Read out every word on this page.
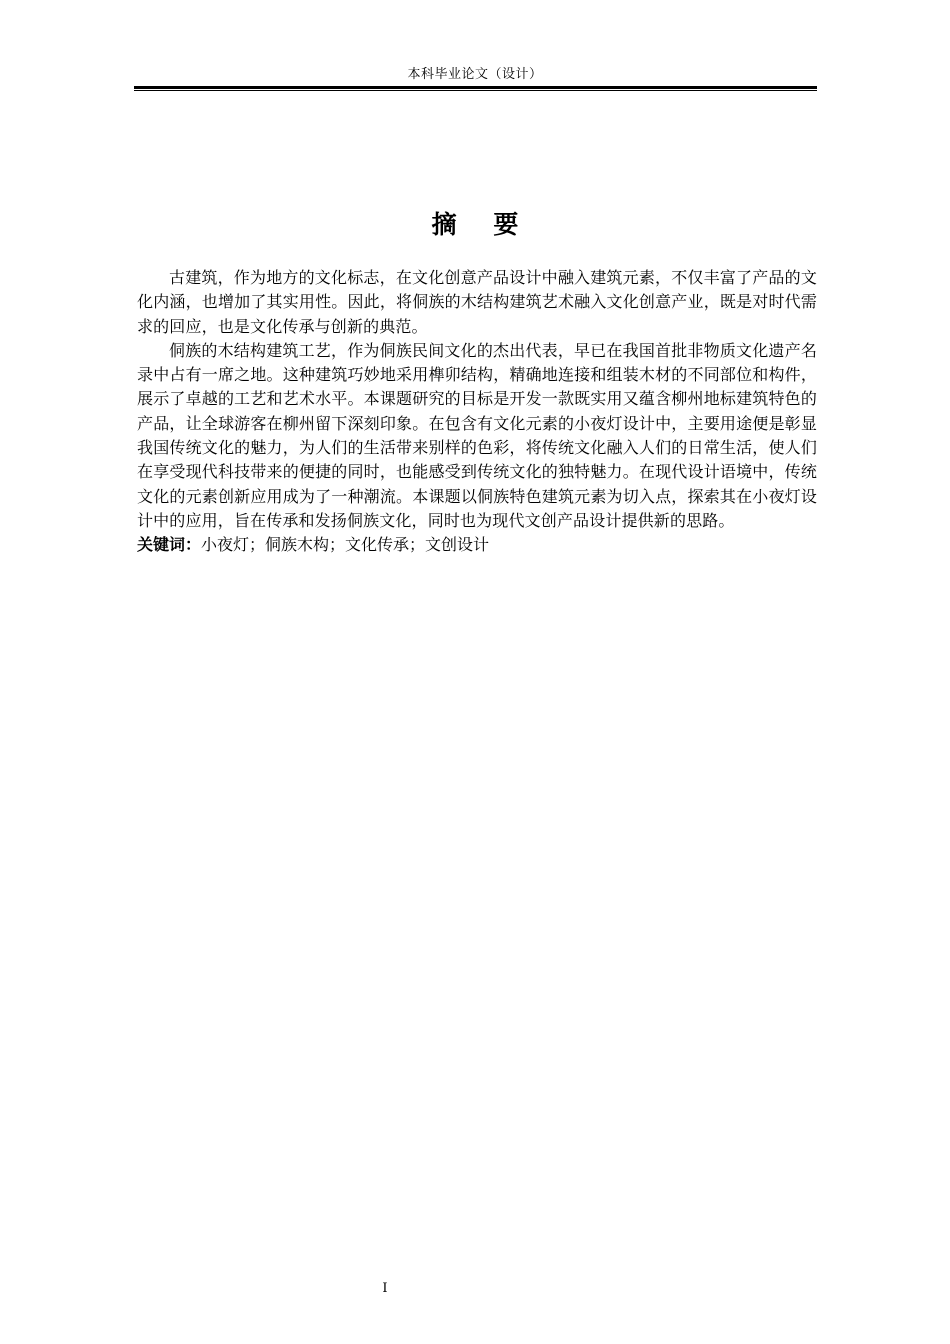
本科毕业论文（设计）
摘 要

古建筑，作为地方的文化标志，在文化创意产品设计中融入建筑元素，不仅丰富了产品的文化内涵，也增加了其实用性。因此，将侗族的木结构建筑艺术融入文化创意产业，既是对时代需求的回应，也是文化传承与创新的典范。

侗族的木结构建筑工艺，作为侗族民间文化的杰出代表，早已在我国首批非物质文化遗产名录中占有一席之地。这种建筑巧妙地采用榫卯结构，精确地连接和组装木材的不同部位和构件，展示了卓越的工艺和艺术水平。本课题研究的目标是开发一款既实用又蕴含柳州地标建筑特色的产品，让全球游客在柳州留下深刻印象。在包含有文化元素的小夜灯设计中，主要用途便是彰显我国传统文化的魅力，为人们的生活带来别样的色彩，将传统文化融入人们的日常生活，使人们在享受现代科技带来的便捷的同时，也能感受到传统文化的独特魅力。在现代设计语境中，传统文化的元素创新应用成为了一种潮流。本课题以侗族特色建筑元素为切入点，探索其在小夜灯设计中的应用，旨在传承和发扬侗族文化，同时也为现代文创产品设计提供新的思路。

关键词：小夜灯；侗族木构；文化传承；文创设计
I
